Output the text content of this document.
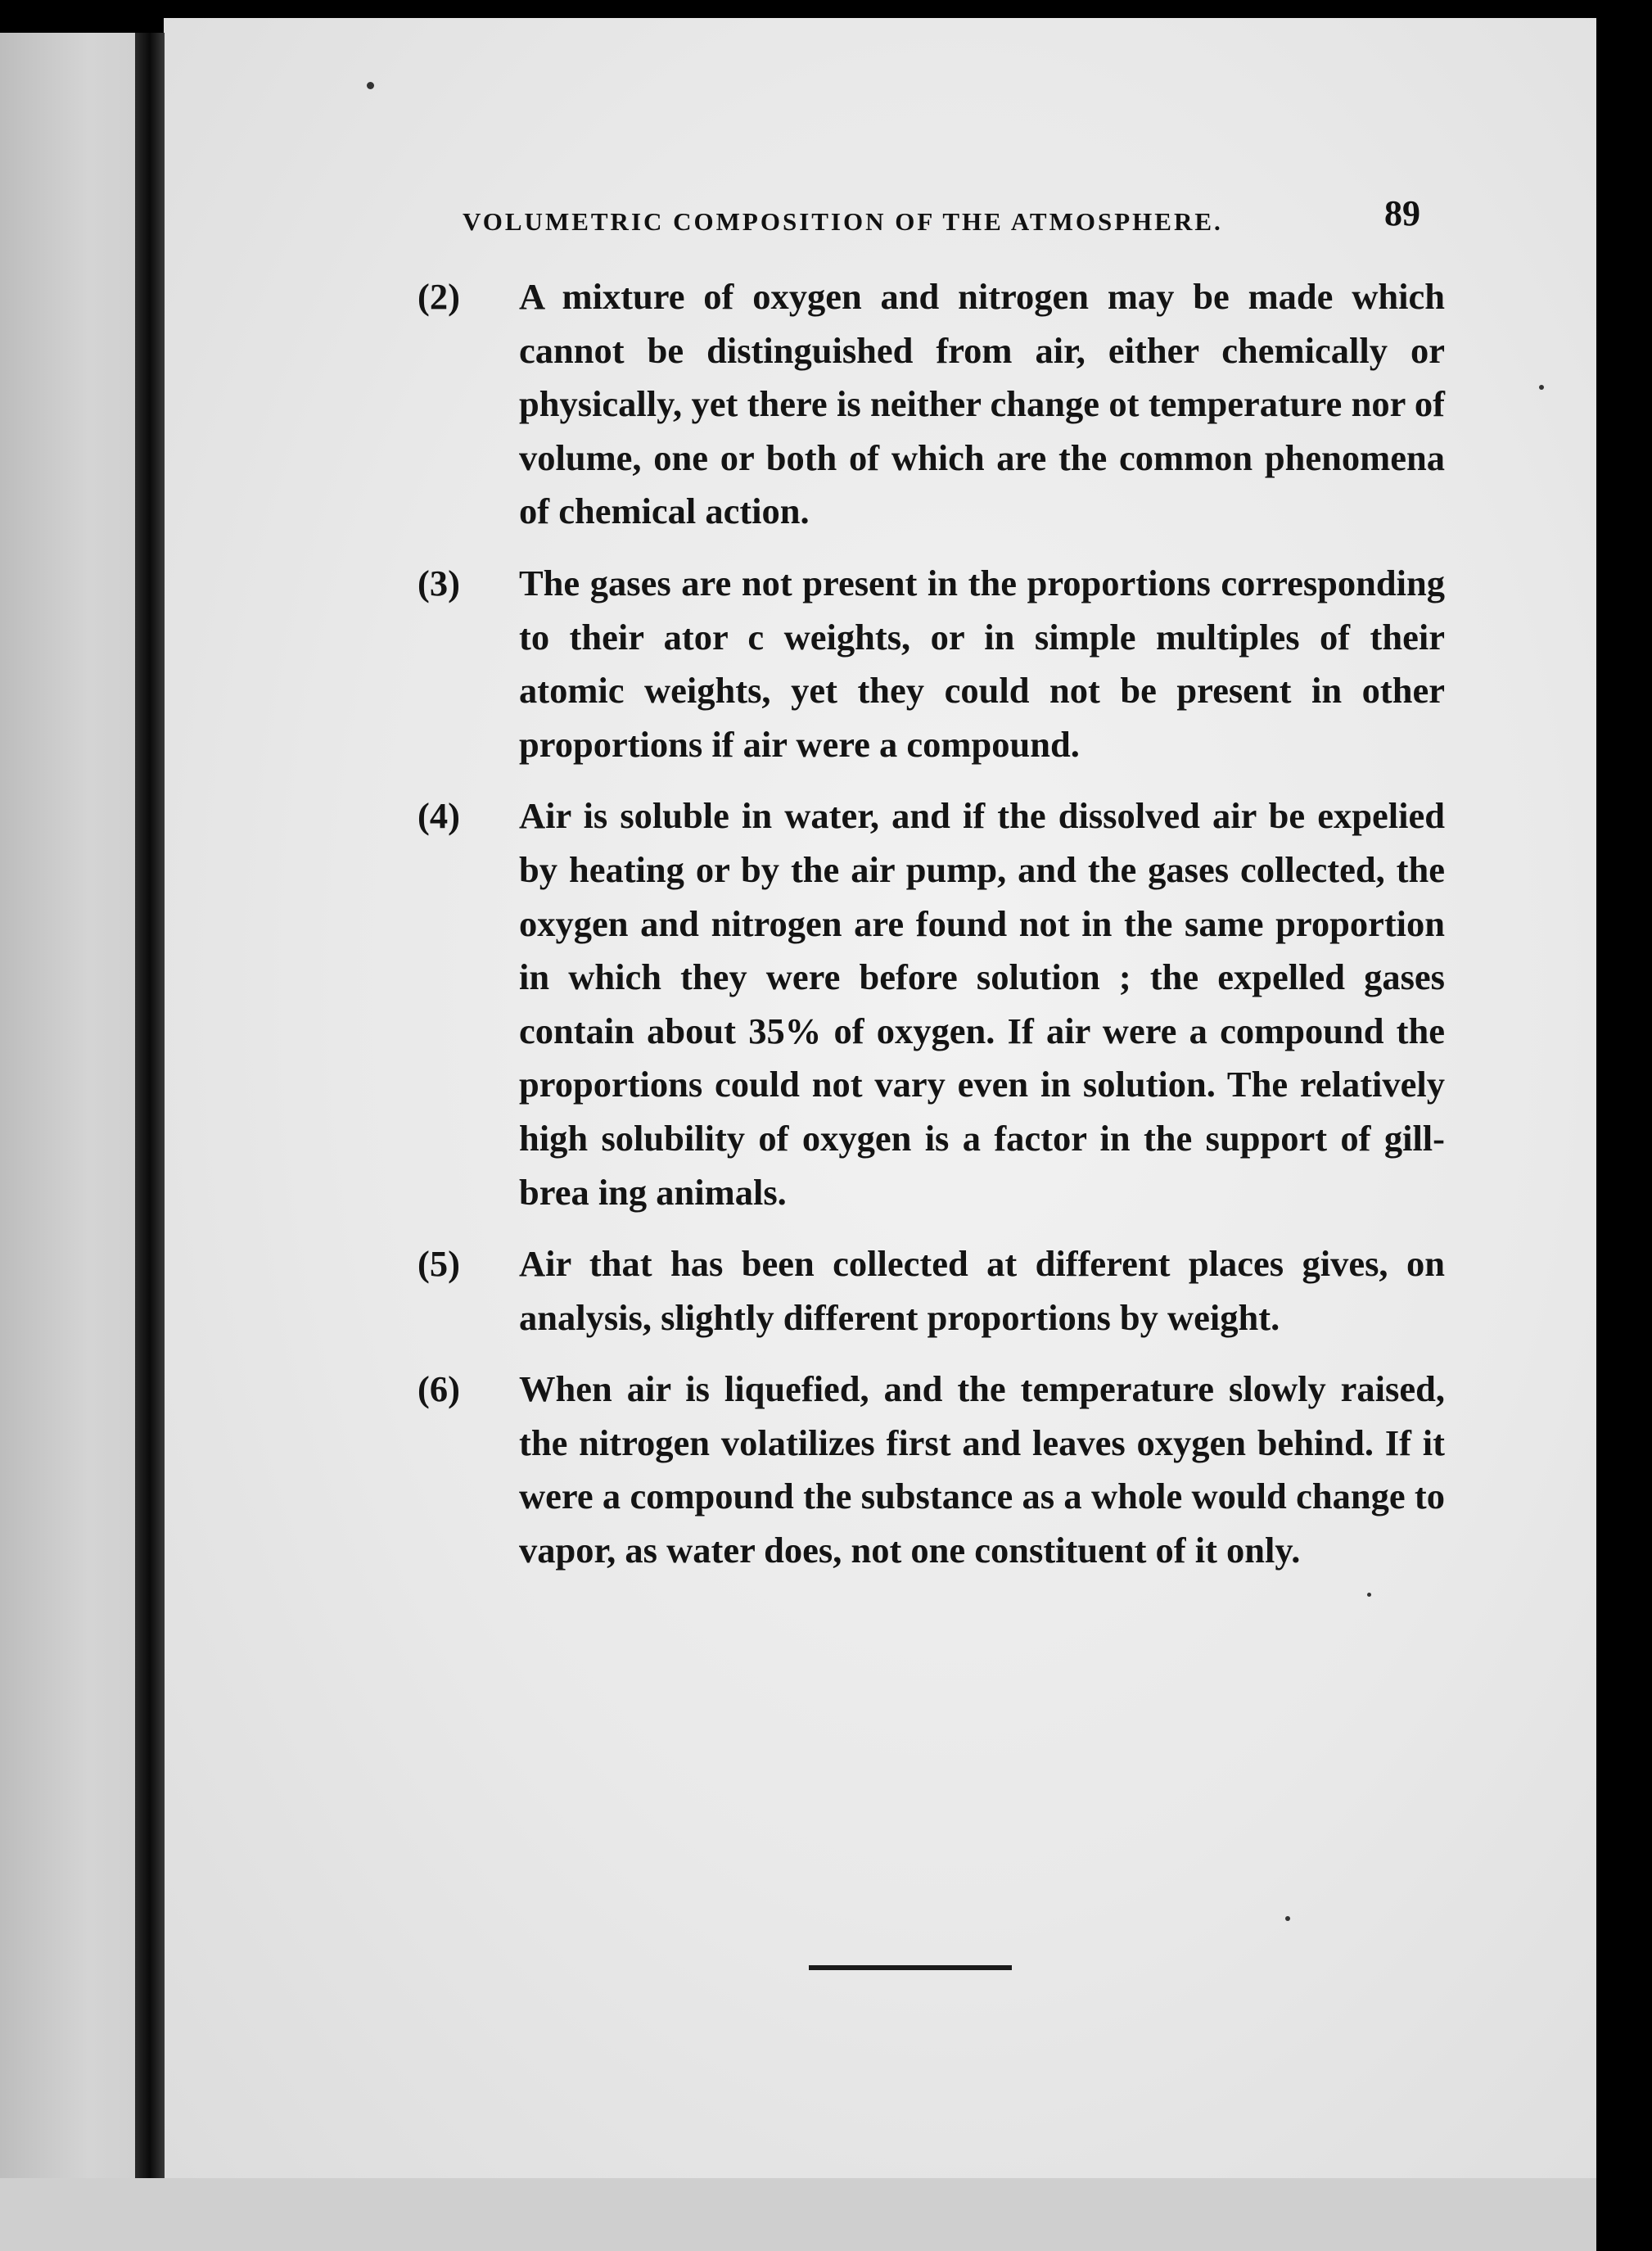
VOLUMETRIC COMPOSITION OF THE ATMOSPHERE.	89
(2)	A mixture of oxygen and nitrogen may be made which cannot be distinguished from air, either chemically or physically, yet there is neither change ot temperature nor of volume, one or both of which are the common phenomena of chemical action.
(3)	The gases are not present in the proportions corresponding to their ator c weights, or in simple multiples of their atomic weights, yet they could not be present in other proportions if air were a compound.
(4)	Air is soluble in water, and if the dissolved air be expelied by heating or by the air pump, and the gases collected, the oxygen and nitrogen are found not in the same proportion in which they were before solution ; the expelled gases contain about 35% of oxygen. If air were a compound the proportions could not vary even in solution. The relatively high solubility of oxygen is a factor in the support of gill-brea ing animals.
(5)	Air that has been collected at different places gives, on analysis, slightly different proportions by weight.
(6)	When air is liquefied, and the temperature slowly raised, the nitrogen volatilizes first and leaves oxygen behind. If it were a compound the substance as a whole would change to vapor, as water does, not one constituent of it only.
